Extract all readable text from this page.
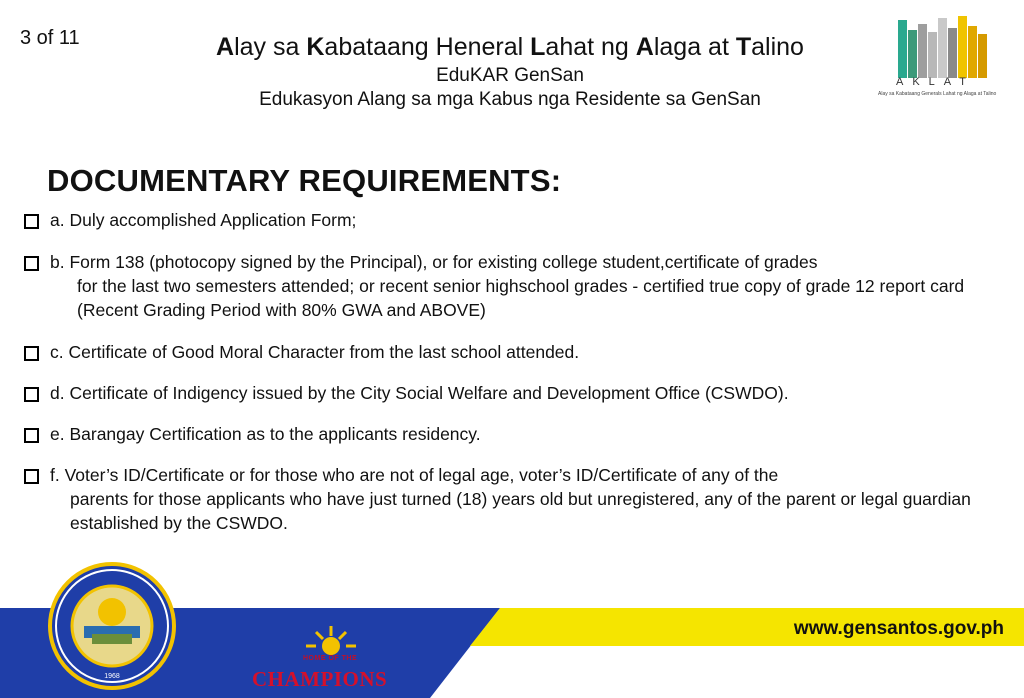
3 of 11	Alay sa Kabataang Heneral Lahat ng Alaga at Talino
EduKAR GenSan
Edukasyon Alang sa mga Kabus nga Residente sa GenSan
AKLAT
Alay sa Kabataang Generals Lahat ng Alaga at Talino
DOCUMENTARY REQUIREMENTS:
a. Duly accomplished Application Form;
b. Form 138 (photocopy signed by the Principal), or for existing college student,certificate of grades
for the last two semesters attended; or recent senior highschool grades - certified true copy of grade 12 report card (Recent Grading Period with 80% GWA and ABOVE)
c. Certificate of Good Moral Character from the last school attended.
d. Certificate of Indigency issued by the City Social Welfare and Development Office (CSWDO).
e. Barangay Certification as to the applicants residency.
f. Voter’s ID/Certificate or for those who are not of legal age, voter’s ID/Certificate of any of the
parents for those applicants who have just turned (18) years old but unregistered, any of the parent or legal guardian established by the CSWDO.
1968
www.gensantos.gov.ph
HOME OF THE
CHAMPIONS
